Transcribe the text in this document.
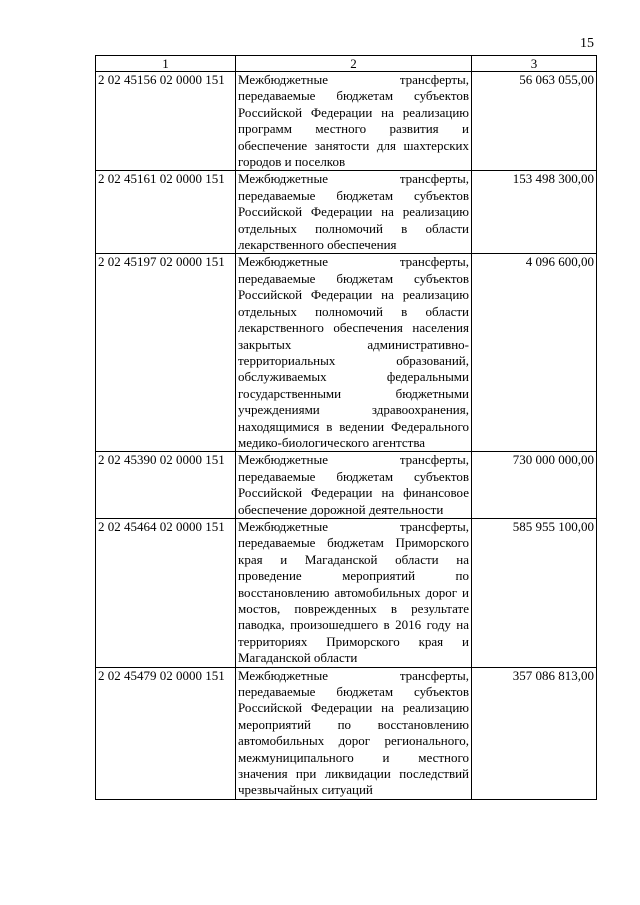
15
1	2	3
2 02 45156 02 0000 151	Межбюджетные трансферты, передаваемые бюджетам субъектов Российской Федерации на реализацию программ местного развития и обеспечение занятости для шахтерских городов и поселков	56 063 055,00
2 02 45161 02 0000 151	Межбюджетные трансферты, передаваемые бюджетам субъектов Российской Федерации на реализацию отдельных полномочий в области лекарственного обеспечения	153 498 300,00
2 02 45197 02 0000 151	Межбюджетные трансферты, передаваемые бюджетам субъектов Российской Федерации на реализацию отдельных полномочий в области лекарственного обеспечения населения закрытых административно-территориальных образований, обслуживаемых федеральными государственными бюджетными учреждениями здравоохранения, находящимися в ведении Федерального медико-биологического агентства	4 096 600,00
2 02 45390 02 0000 151	Межбюджетные трансферты, передаваемые бюджетам субъектов Российской Федерации на финансовое обеспечение дорожной деятельности	730 000 000,00
2 02 45464 02 0000 151	Межбюджетные трансферты, передаваемые бюджетам Приморского края и Магаданской области на проведение мероприятий по восстановлению автомобильных дорог и мостов, поврежденных в результате паводка, произошедшего в 2016 году на территориях Приморского края и Магаданской области	585 955 100,00
2 02 45479 02 0000 151	Межбюджетные трансферты, передаваемые бюджетам субъектов Российской Федерации на реализацию мероприятий по восстановлению автомобильных дорог регионального, межмуниципального и местного значения при ликвидации последствий чрезвычайных ситуаций	357 086 813,00
